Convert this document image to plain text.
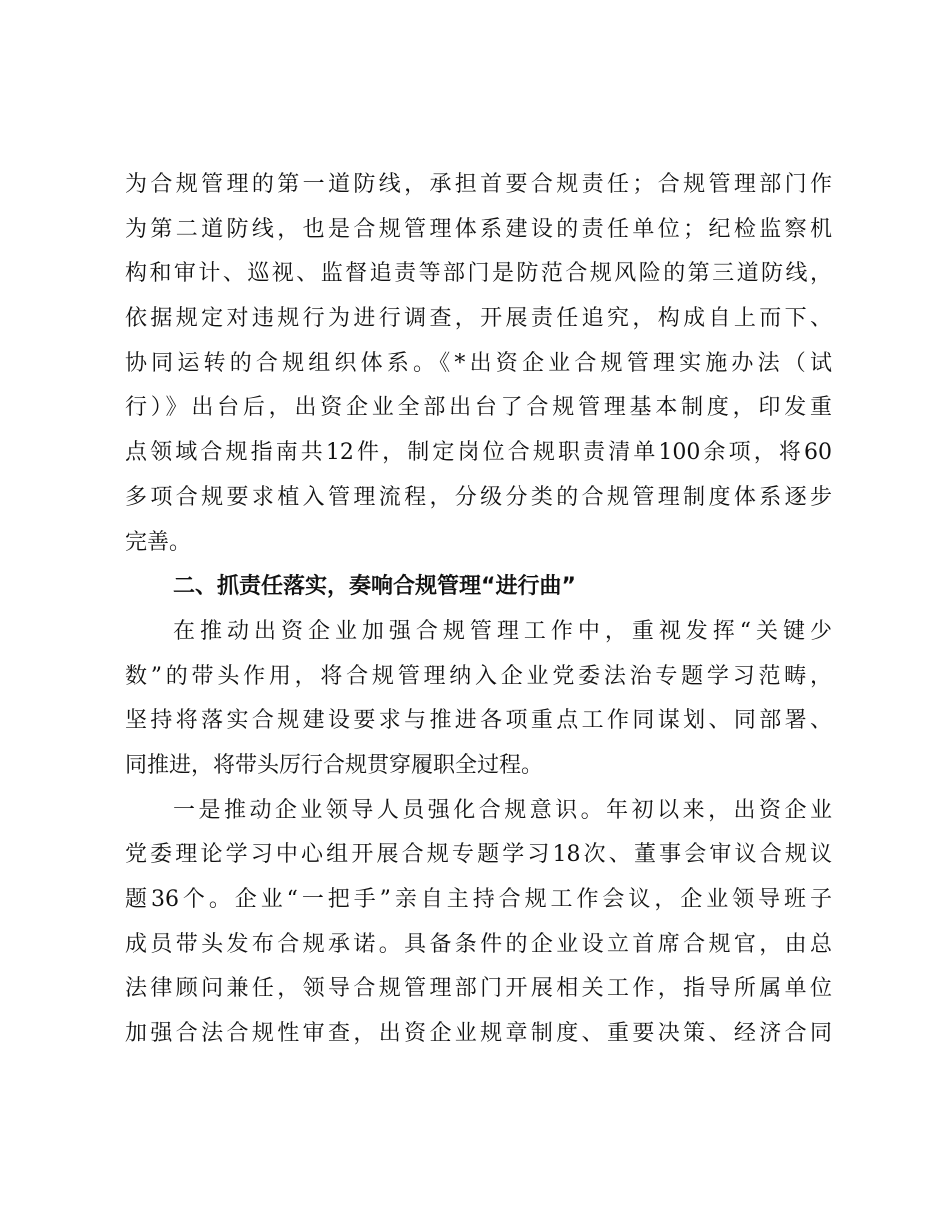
为合规管理的第一道防线，承担首要合规责任；合规管理部门作
为第二道防线，也是合规管理体系建设的责任单位；纪检监察机
构和审计、巡视、监督追责等部门是防范合规风险的第三道防线，
依据规定对违规行为进行调查，开展责任追究，构成自上而下、
协同运转的合规组织体系。《*出资企业合规管理实施办法（试
行）》出台后，出资企业全部出台了合规管理基本制度，印发重
点领域合规指南共12件，制定岗位合规职责清单100余项，将60
多项合规要求植入管理流程，分级分类的合规管理制度体系逐步
完善。
二、抓责任落实，奏响合规管理“进行曲”
在推动出资企业加强合规管理工作中，重视发挥“关键少
数”的带头作用，将合规管理纳入企业党委法治专题学习范畴，
坚持将落实合规建设要求与推进各项重点工作同谋划、同部署、
同推进，将带头厉行合规贯穿履职全过程。
一是推动企业领导人员强化合规意识。年初以来，出资企业
党委理论学习中心组开展合规专题学习18次、董事会审议合规议
题36个。企业“一把手”亲自主持合规工作会议，企业领导班子
成员带头发布合规承诺。具备条件的企业设立首席合规官，由总
法律顾问兼任，领导合规管理部门开展相关工作，指导所属单位
加强合法合规性审查，出资企业规章制度、重要决策、经济合同
